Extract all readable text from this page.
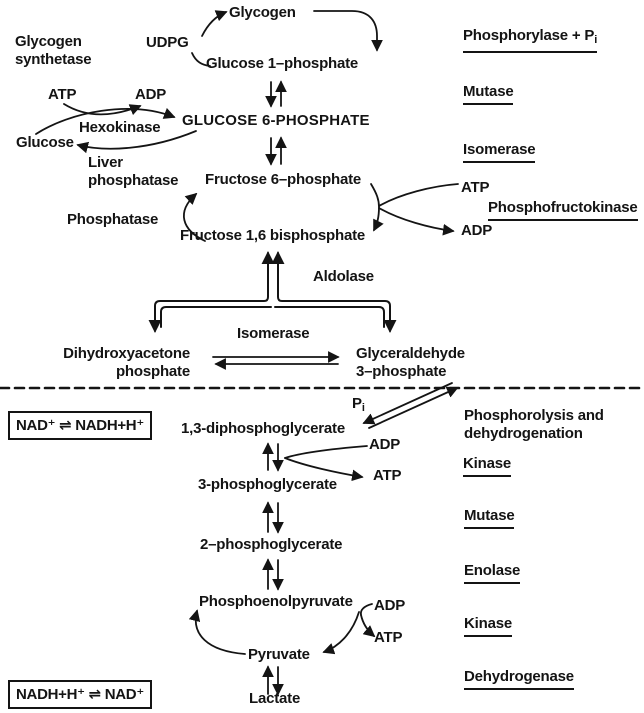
Glycogen
Glycogen
synthetase
UDPG
Glucose 1–phosphate
ATP	ADP
GLUCOSE 6-PHOSPHATE
Hexokinase
Glucose
Liver
phosphatase Fructose 6–phosphate	ATP
ADP
Phosphatase
Fructose 1,6 bisphosphate
Aldolase
Isomerase
Dihydroxyacetone
phosphate
Glyceraldehyde
3–phosphate
$P_i$
1,3-diphosphoglycerate
ADP
ATP
3-phosphoglycerate
2–phosphoglycerate
Phosphoenolpyruvate ADP
ATP
Pyruvate
Lactate
Phosphorylase + $P_i$
Mutase
Isomerase
Phosphofructokinase
Phosphorolysis and
dehydrogenation
Kinase
Mutase
Enolase
Kinase
Dehydrogenase
NAD⁺ ⇌ NADH+H⁺
NADH+H⁺ ⇌ NAD⁺
